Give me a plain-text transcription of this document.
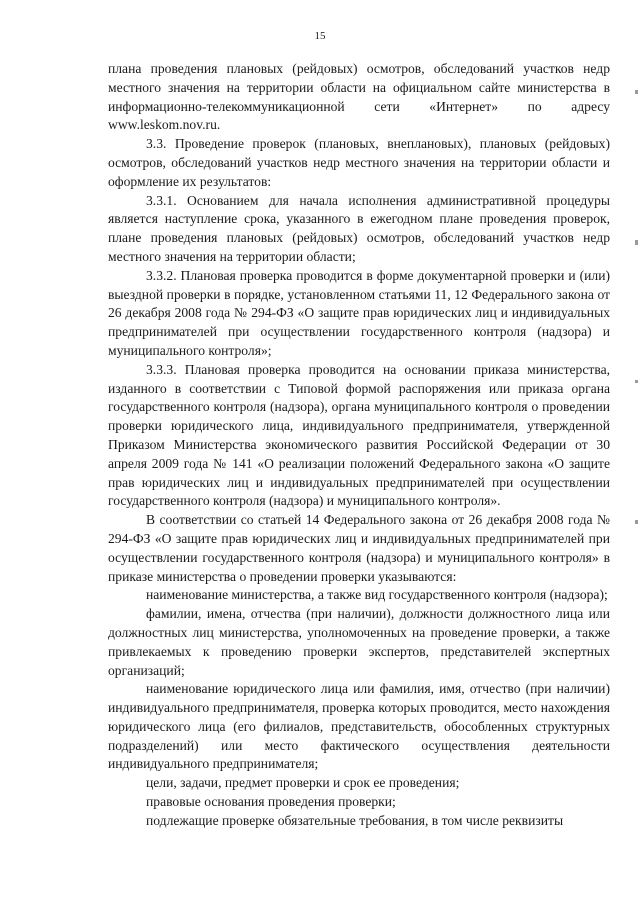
15

плана проведения плановых (рейдовых) осмотров, обследований участков недр местного значения на территории области на официальном сайте министерства в информационно-телекоммуникационной сети «Интернет» по адресу www.leskom.nov.ru.

3.3. Проведение проверок (плановых, внеплановых), плановых (рейдовых) осмотров, обследований участков недр местного значения на территории области и оформление их результатов:

3.3.1. Основанием для начала исполнения административной процедуры является наступление срока, указанного в ежегодном плане проведения проверок, плане проведения плановых (рейдовых) осмотров, обследований участков недр местного значения на территории области;

3.3.2. Плановая проверка проводится в форме документарной проверки и (или) выездной проверки в порядке, установленном статьями 11, 12 Федерального закона от 26 декабря 2008 года № 294-ФЗ «О защите прав юридических лиц и индивидуальных предпринимателей при осуществлении государственного контроля (надзора) и муниципального контроля»;

3.3.3. Плановая проверка проводится на основании приказа министерства, изданного в соответствии с Типовой формой распоряжения или приказа органа государственного контроля (надзора), органа муниципального контроля о проведении проверки юридического лица, индивидуального предпринимателя, утвержденной Приказом Министерства экономического развития Российской Федерации от 30 апреля 2009 года № 141 «О реализации положений Федерального закона «О защите прав юридических лиц и индивидуальных предпринимателей при осуществлении государственного контроля (надзора) и муниципального контроля».

В соответствии со статьей 14 Федерального закона от 26 декабря 2008 года № 294-ФЗ «О защите прав юридических лиц и индивидуальных предпринимателей при осуществлении государственного контроля (надзора) и муниципального контроля» в приказе министерства о проведении проверки указываются:

наименование министерства, а также вид государственного контроля (надзора);

фамилии, имена, отчества (при наличии), должности должностного лица или должностных лиц министерства, уполномоченных на проведение проверки, а также привлекаемых к проведению проверки экспертов, представителей экспертных организаций;

наименование юридического лица или фамилия, имя, отчество (при наличии) индивидуального предпринимателя, проверка которых проводится, место нахождения юридического лица (его филиалов, представительств, обособленных структурных подразделений) или место фактического осуществления деятельности индивидуального предпринимателя;

цели, задачи, предмет проверки и срок ее проведения;

правовые основания проведения проверки;

подлежащие проверке обязательные требования, в том числе реквизиты
